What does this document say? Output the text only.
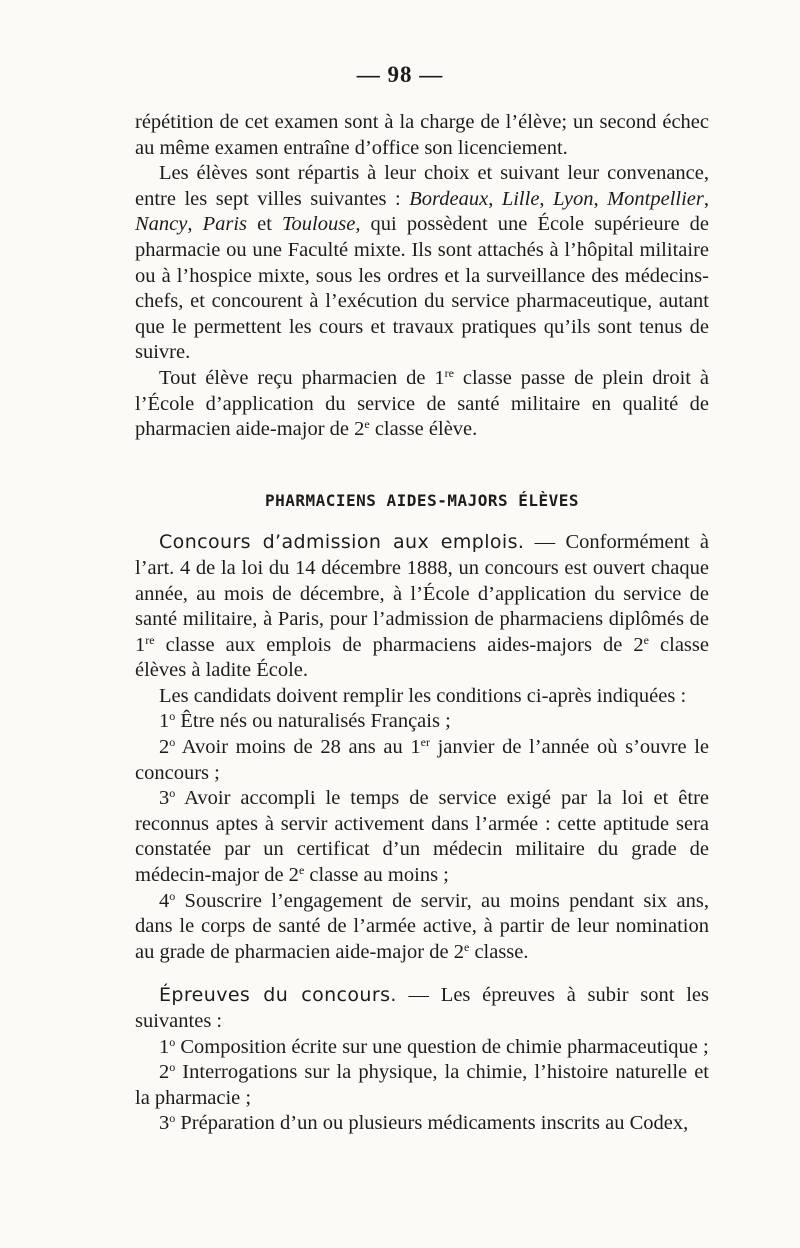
— 98 —

répétition de cet examen sont à la charge de l’élève; un second échec au même examen entraîne d’office son licenciement.

Les élèves sont répartis à leur choix et suivant leur convenance, entre les sept villes suivantes : Bordeaux, Lille, Lyon, Montpellier, Nancy, Paris et Toulouse, qui possèdent une École supérieure de pharmacie ou une Faculté mixte. Ils sont attachés à l’hôpital militaire ou à l’hospice mixte, sous les ordres et la surveillance des médecins-chefs, et concourent à l’exécution du service pharmaceutique, autant que le permettent les cours et travaux pratiques qu’ils sont tenus de suivre.

Tout élève reçu pharmacien de 1re classe passe de plein droit à l’École d’application du service de santé militaire en qualité de pharmacien aide-major de 2e classe élève.

PHARMACIENS AIDES-MAJORS ÉLÈVES

Concours d’admission aux emplois. — Conformément à l’art. 4 de la loi du 14 décembre 1888, un concours est ouvert chaque année, au mois de décembre, à l’École d’application du service de santé militaire, à Paris, pour l’admission de pharmaciens diplômés de 1re classe aux emplois de pharmaciens aides-majors de 2e classe élèves à ladite École.

Les candidats doivent remplir les conditions ci-après indiquées :

1$^o$ Être nés ou naturalisés Français ;

2$^o$ Avoir moins de 28 ans au 1er janvier de l’année où s’ouvre le concours ;

3$^o$ Avoir accompli le temps de service exigé par la loi et être reconnus aptes à servir activement dans l’armée : cette aptitude sera constatée par un certificat d’un médecin militaire du grade de médecin-major de 2e classe au moins ;

4$^o$ Souscrire l’engagement de servir, au moins pendant six ans, dans le corps de santé de l’armée active, à partir de leur nomination au grade de pharmacien aide-major de 2e classe.

Épreuves du concours. — Les épreuves à subir sont les suivantes :

1$^o$ Composition écrite sur une question de chimie pharmaceutique ;

2$^o$ Interrogations sur la physique, la chimie, l’histoire naturelle et la pharmacie ;

3$^o$ Préparation d’un ou plusieurs médicaments inscrits au Codex,
